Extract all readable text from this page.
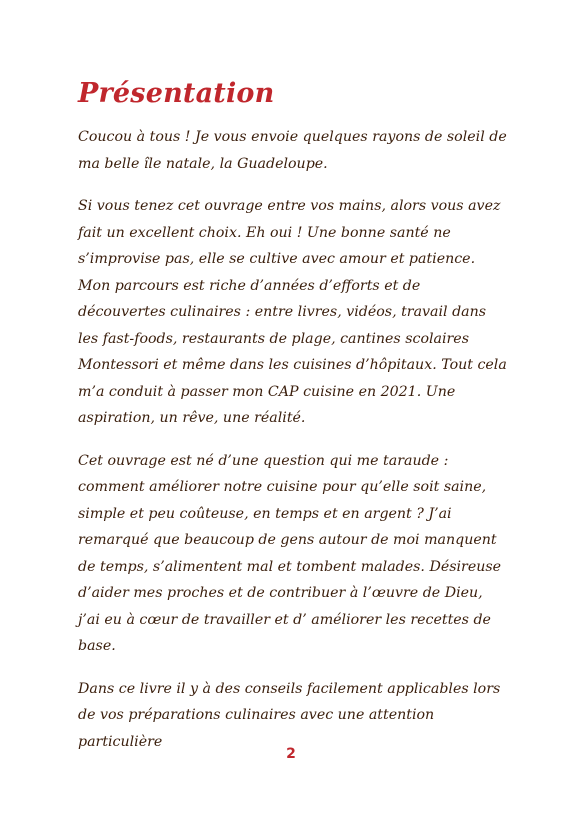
Présentation

Coucou à tous ! Je vous envoie quelques rayons de soleil de ma belle île natale, la Guadeloupe.

Si vous tenez cet ouvrage entre vos mains, alors vous avez fait un excellent choix. Eh oui ! Une bonne santé ne s’improvise pas, elle se cultive avec amour et patience. Mon parcours est riche d’années d’efforts et de découvertes culinaires : entre livres, vidéos, travail dans les fast-foods, restaurants de plage, cantines scolaires Montessori et même dans les cuisines d’hôpitaux. Tout cela m’a conduit à passer mon CAP cuisine en 2021. Une aspiration, un rêve, une réalité.

Cet ouvrage est né d’une question qui me taraude : comment améliorer notre cuisine pour qu’elle soit saine, simple et peu coûteuse, en temps et en argent ? J’ai remarqué que beaucoup de gens autour de moi manquent de temps, s’alimentent mal et tombent malades. Désireuse d’aider mes proches et de contribuer à l’œuvre de Dieu, j’ai eu à cœur de travailler et d’ améliorer les recettes de base.

Dans ce livre il y à des conseils facilement applicables lors de vos préparations culinaires avec une attention particulière

2
